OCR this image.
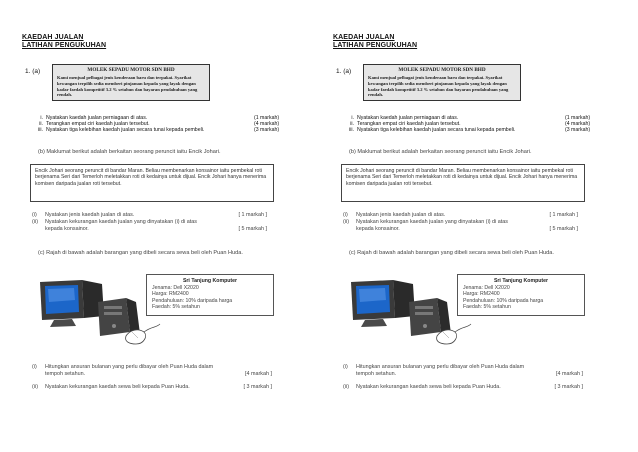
KAEDAH JUALAN
LATIHAN PENGUKUHAN
1. (a)	MOLEK SEPADU MOTOR SDN BHD
Kami menjual pelbagai jenis kenderaan baru dan terpakai. Syarikat kewangan terpilih sedia memberi pinjaman kepada yang layak dengan kadar faedah kompetitif 3.2 % setahun dan bayaran pendahuluan yang rendah.
i. Nyatakan kaedah jualan perniagaan di atas.	(1 markah)
ii. Terangkan empat ciri kaedah jualan tersebut.	(4 markah)
iii. Nyatakan tiga kelebihan kaedah jualan secara tunai kepada pembeli.	(3 markah)
(b) Maklumat berikut adalah berkaitan seorang peruncit iaitu Encik Johari.
Encik Johari seorang peruncit di bandar Maran. Beliau membenarkan konsainor iaitu pembekal roti berjenama Seri dari Temerloh meletakkan roti di kedainya untuk dijual. Encik Johari hanya menerima komisen daripada jualan roti tersebut.
(i)	Nyatakan jenis kaedah jualan di atas.	[ 1 markah ]
(ii)	Nyatakan kekurangan kaedah jualan yang dinyatakan (i) di atas kepada konsainor.	[ 5 markah ]
(c) Rajah di bawah adalah barangan yang dibeli secara sewa beli oleh Puan Huda.
Sri Tanjung Komputer
Jenama: Dell X2020
Harga: RM2400
Pendahuluan: 10% daripada harga
Faedah: 5% setahun
(i)	Hitungkan ansuran bulanan yang perlu dibayar oleh Puan Huda dalam tempoh setahun.	[4 markah ]
(ii)	Nyatakan kekurangan kaedah sewa beli kepada Puan Huda.	[ 3 markah ]
KAEDAH JUALAN
LATIHAN PENGUKUHAN
1. (a)	MOLEK SEPADU MOTOR SDN BHD
Kami menjual pelbagai jenis kenderaan baru dan terpakai. Syarikat kewangan terpilih sedia memberi pinjaman kepada yang layak dengan kadar faedah kompetitif 3.2 % setahun dan bayaran pendahuluan yang rendah.
i. Nyatakan kaedah jualan perniagaan di atas.	(1 markah)
ii. Terangkan empat ciri kaedah jualan tersebut.	(4 markah)
iii. Nyatakan tiga kelebihan kaedah jualan secara tunai kepada pembeli.	(3 markah)
(b) Maklumat berikut adalah berkaitan seorang peruncit iaitu Encik Johari.
Encik Johari seorang peruncit di bandar Maran. Beliau membenarkan konsainor iaitu pembekal roti berjenama Seri dari Temerloh meletakkan roti di kedainya untuk dijual. Encik Johari hanya menerima komisen daripada jualan roti tersebut.
(i)	Nyatakan jenis kaedah jualan di atas.	[ 1 markah ]
(ii)	Nyatakan kekurangan kaedah jualan yang dinyatakan (i) di atas kepada konsainor.	[ 5 markah ]
(c) Rajah di bawah adalah barangan yang dibeli secara sewa beli oleh Puan Huda.
Sri Tanjung Komputer
Jenama: Dell X2020
Harga: RM2400
Pendahuluan: 10% daripada harga
Faedah: 5% setahun
(i)	Hitungkan ansuran bulanan yang perlu dibayar oleh Puan Huda dalam tempoh setahun.	[4 markah ]
(ii)	Nyatakan kekurangan kaedah sewa beli kepada Puan Huda.	[ 3 markah ]
